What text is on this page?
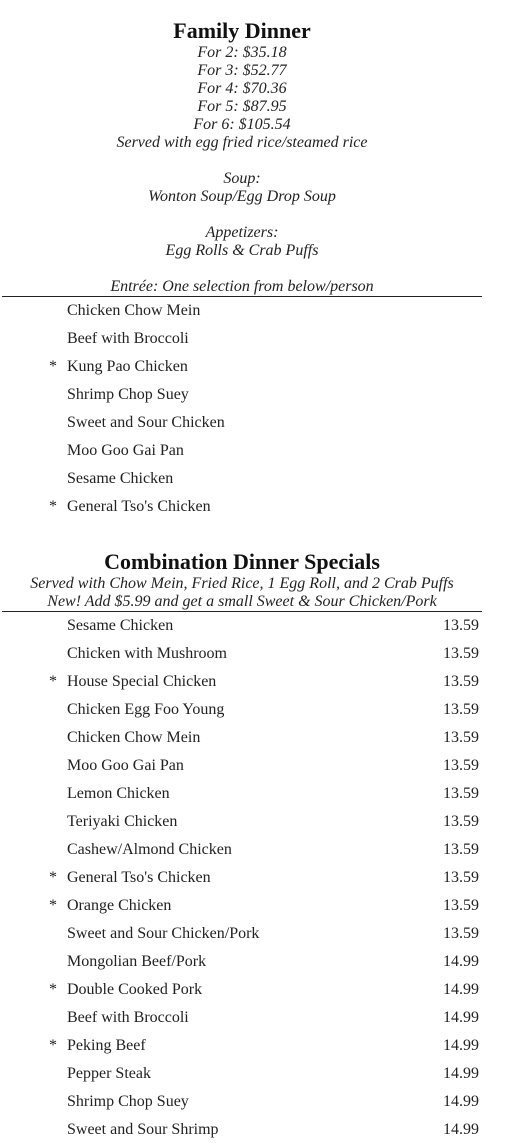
Family Dinner

For 2: $35.18

For 3: $52.77

For 4: $70.36

For 5: $87.95

For 6: $105.54

Served with egg fried rice/steamed rice

Soup:

Wonton Soup/Egg Drop Soup

Appetizers:

Egg Rolls & Crab Puffs

Entrée: One selection from below/person

Chicken Chow Mein
Beef with Broccoli
* Kung Pao Chicken
Shrimp Chop Suey
Sweet and Sour Chicken
Moo Goo Gai Pan
Sesame Chicken
* General Tso's Chicken
Combination Dinner Specials

Served with Chow Mein, Fried Rice, 1 Egg Roll, and 2 Crab Puffs

New! Add $5.99 and get a small Sweet & Sour Chicken/Pork

Sesame Chicken	13.59
Chicken with Mushroom	13.59
* House Special Chicken	13.59
Chicken Egg Foo Young	13.59
Chicken Chow Mein	13.59
Moo Goo Gai Pan	13.59
Lemon Chicken	13.59
Teriyaki Chicken	13.59
Cashew/Almond Chicken	13.59
* General Tso's Chicken	13.59
* Orange Chicken	13.59
Sweet and Sour Chicken/Pork	13.59
Mongolian Beef/Pork	14.99
* Double Cooked Pork	14.99
Beef with Broccoli	14.99
* Peking Beef	14.99
Pepper Steak	14.99
Shrimp Chop Suey	14.99
Sweet and Sour Shrimp	14.99
